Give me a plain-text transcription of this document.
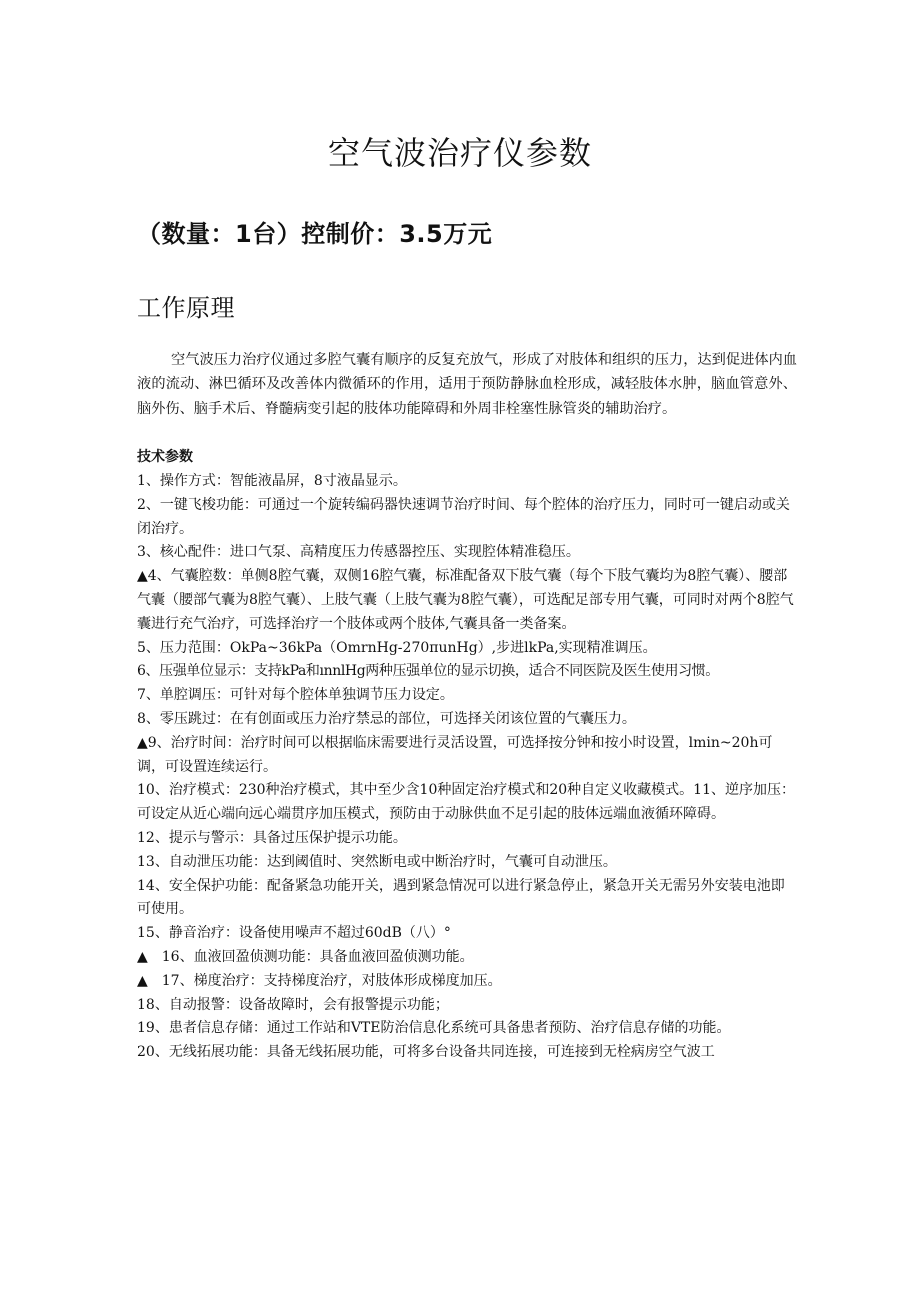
空气波治疗仪参数
（数量：1台）控制价：3.5万元
工作原理
空气波压力治疗仪通过多腔气囊有顺序的反复充放气，形成了对肢体和组织的压力，达到促进体内血液的流动、淋巴循环及改善体内微循环的作用，适用于预防静脉血栓形成，减轻肢体水肿，脑血管意外、脑外伤、脑手术后、脊髓病变引起的肢体功能障碍和外周非栓塞性脉管炎的辅助治疗。
技术参数

1、操作方式：智能液晶屏，8寸液晶显示。

2、一键飞梭功能：可通过一个旋转编码器快速调节治疗时间、每个腔体的治疗压力，同时可一键启动或关闭治疗。

3、核心配件：进口气泵、高精度压力传感器控压、实现腔体精准稳压。

▲4、气囊腔数：单侧8腔气囊，双侧16腔气囊，标准配备双下肢气囊（每个下肢气囊均为8腔气囊）、腰部气囊（腰部气囊为8腔气囊）、上肢气囊（上肢气囊为8腔气囊），可选配足部专用气囊，可同时对两个8腔气囊进行充气治疗，可选择治疗一个肢体或两个肢体,气囊具备一类备案。

5、压力范围：OkPa~36kPa（OmrnHg-270πunHg）,步进lkPa,实现精准调压。

6、压强单位显示：支持kPa和ınnlHg两种压强单位的显示切换，适合不同医院及医生使用习惯。

7、单腔调压：可针对每个腔体单独调节压力设定。

8、零压跳过：在有创面或压力治疗禁忌的部位，可选择关闭该位置的气囊压力。

▲9、治疗时间：治疗时间可以根据临床需要进行灵活设置，可选择按分钟和按小时设置，lmin~20h可调，可设置连续运行。

10、治疗模式：230种治疗模式，其中至少含10种固定治疗模式和20种自定义收藏模式。11、逆序加压：可设定从近心端向远心端贯序加压模式，预防由于动脉供血不足引起的肢体远端血液循环障碍。

12、提示与警示：具备过压保护提示功能。

13、自动泄压功能：达到阈值时、突然断电或中断治疗时，气囊可自动泄压。

14、安全保护功能：配备紧急功能开关，遇到紧急情况可以进行紧急停止，紧急开关无需另外安装电池即可使用。

15、静音治疗：设备使用噪声不超过60dB（八）°

▲　16、血液回盈侦测功能：具备血液回盈侦测功能。

▲　17、梯度治疗：支持梯度治疗，对肢体形成梯度加压。

18、自动报警：设备故障时，会有报警提示功能；

19、患者信息存储：通过工作站和VTE防治信息化系统可具备患者预防、治疗信息存储的功能。

20、无线拓展功能：具备无线拓展功能，可将多台设备共同连接，可连接到无栓病房空气波工
